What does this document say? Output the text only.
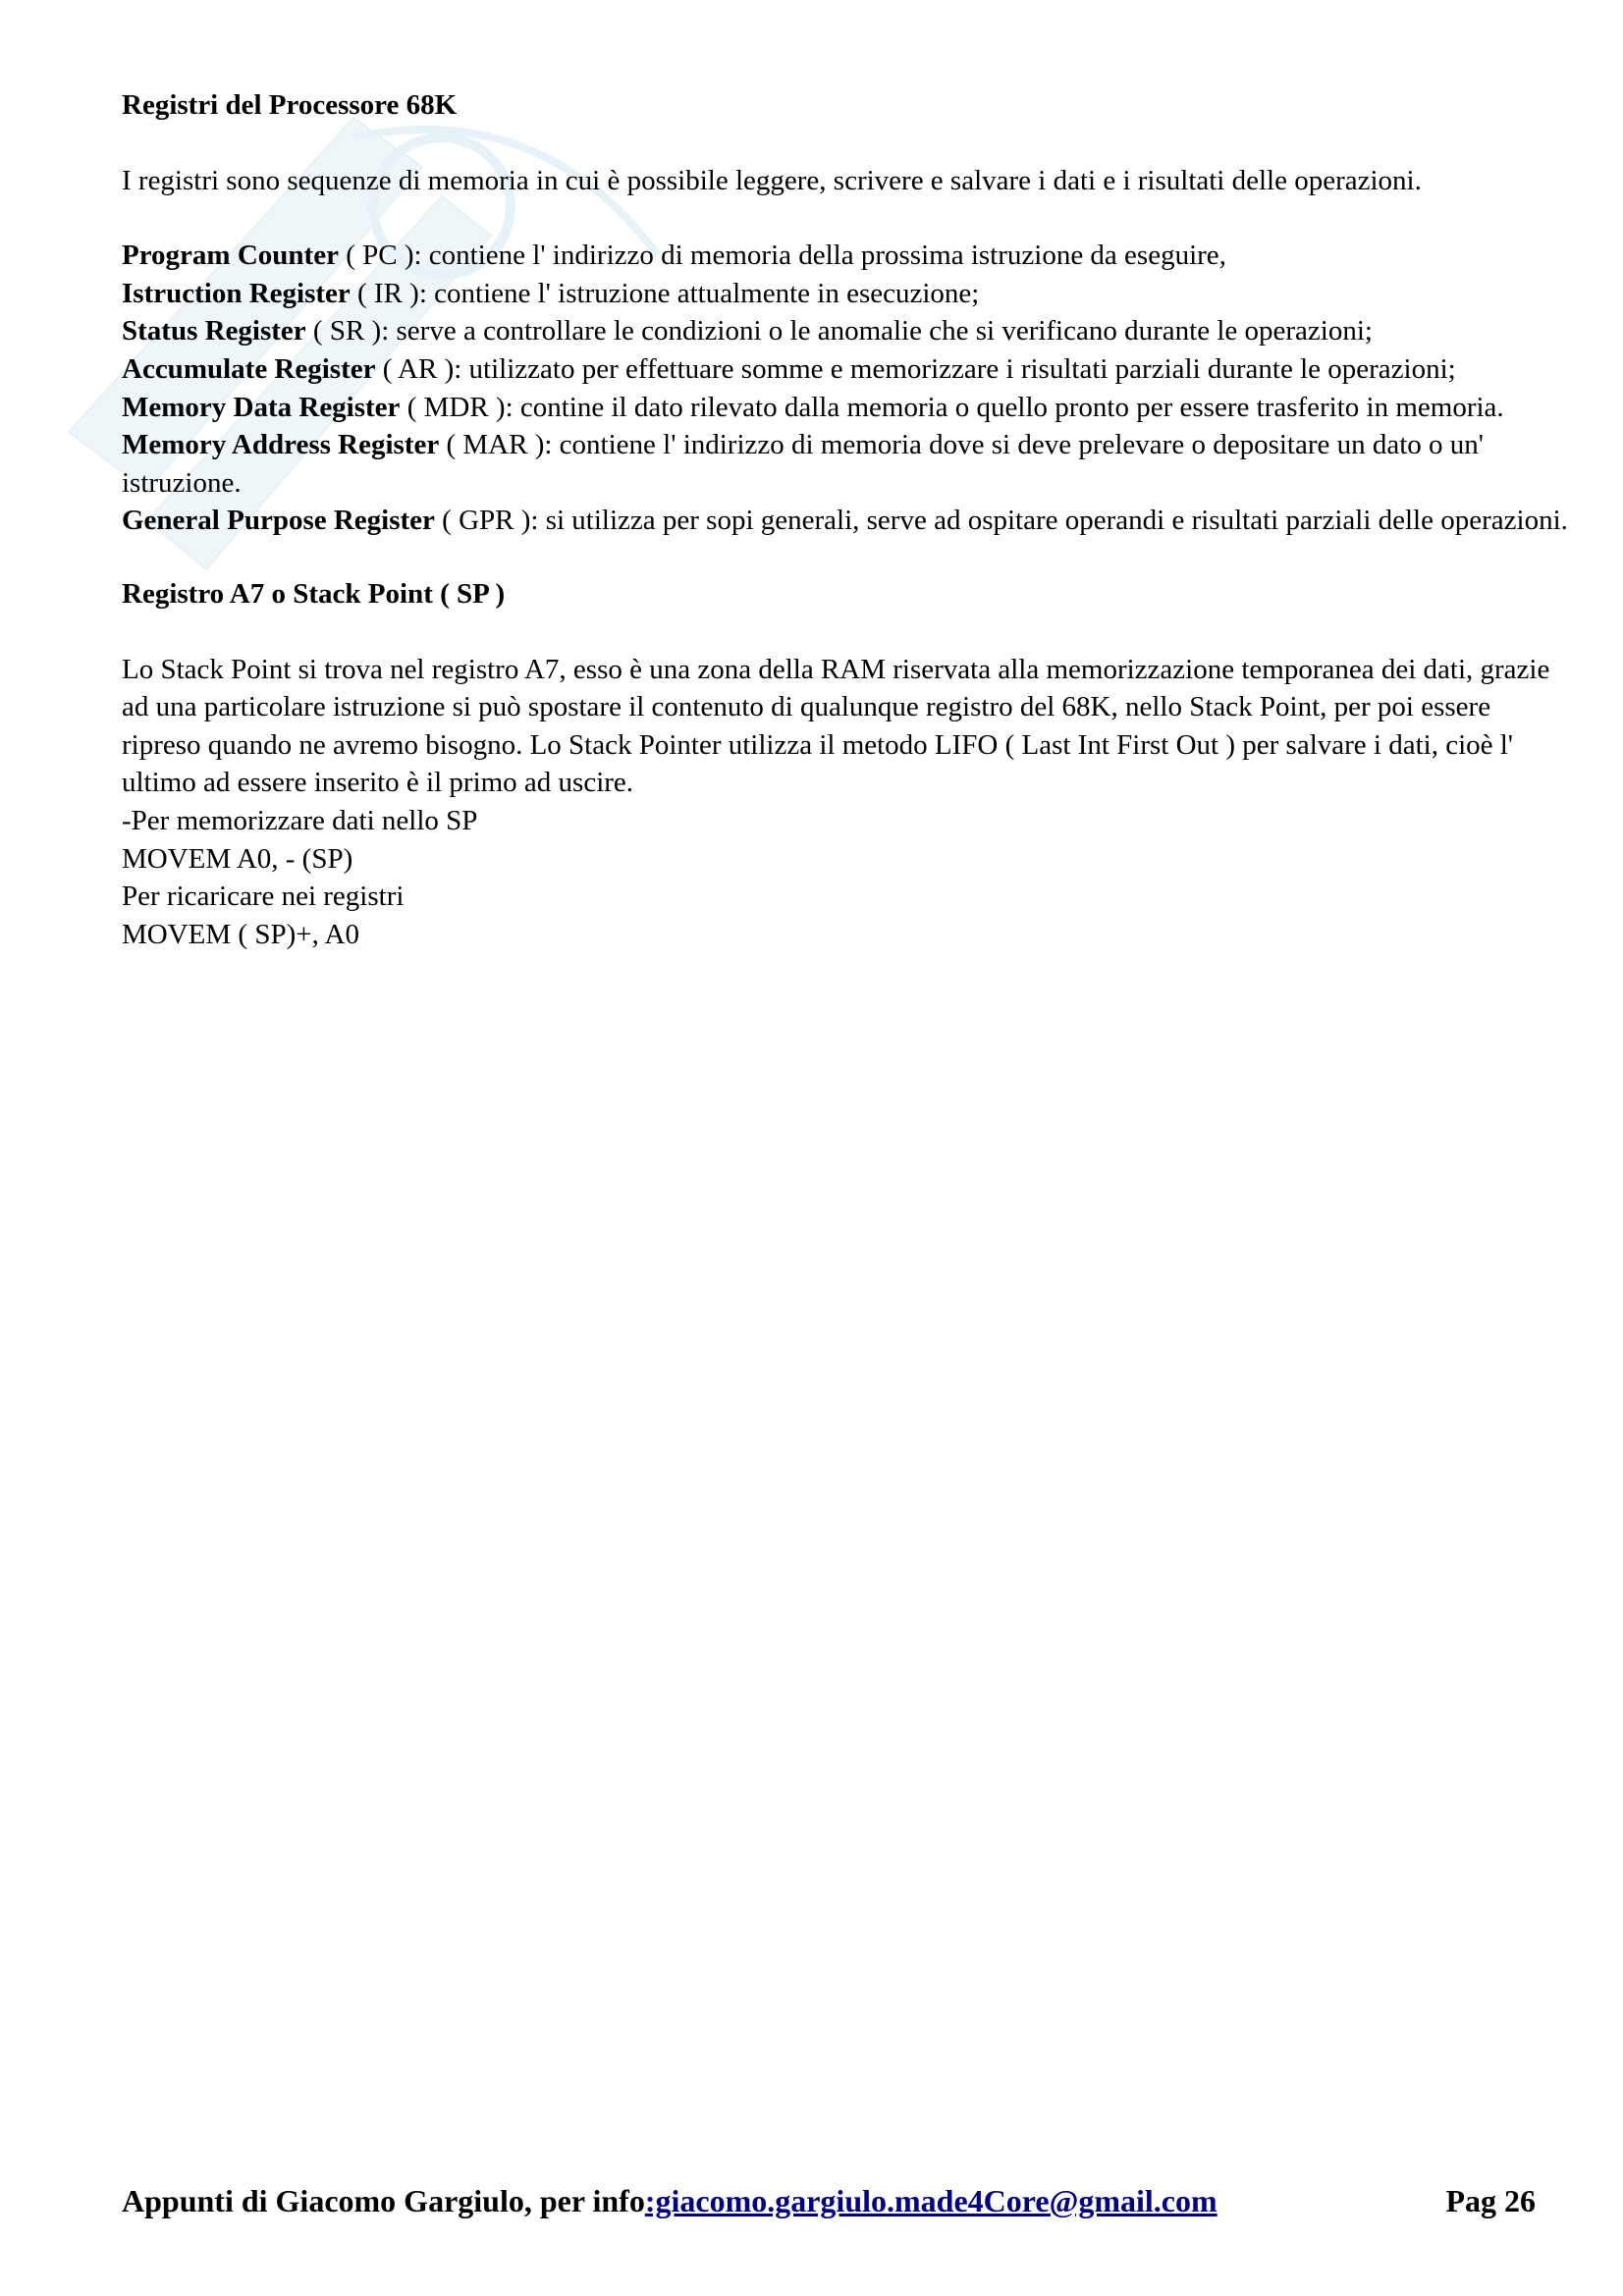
Registri del Processore 68K

I registri sono sequenze di memoria in cui è possibile leggere, scrivere e salvare i dati e i risultati delle operazioni.

Program Counter ( PC ): contiene l' indirizzo di memoria della prossima istruzione da eseguire,

Istruction Register ( IR ): contiene l' istruzione attualmente in esecuzione;

Status Register ( SR ): serve a controllare le condizioni o le anomalie che si verificano durante le operazioni;

Accumulate Register ( AR ): utilizzato per effettuare somme e memorizzare i risultati parziali durante le operazioni;

Memory Data Register ( MDR ): contine il dato rilevato dalla memoria o quello pronto per essere trasferito in memoria.

Memory Address Register ( MAR ): contiene l' indirizzo di memoria dove si deve prelevare o depositare un dato o un' istruzione.

General Purpose Register ( GPR ): si utilizza per sopi generali, serve ad ospitare operandi e risultati parziali delle operazioni.

Registro A7 o Stack Point ( SP )

Lo Stack Point si trova nel registro A7, esso è una zona della RAM riservata alla memorizzazione temporanea dei dati, grazie ad una particolare istruzione si può spostare il contenuto di qualunque registro del 68K, nello Stack Point, per poi essere ripreso quando ne avremo bisogno. Lo Stack Pointer utilizza il metodo LIFO ( Last Int First Out ) per salvare i dati, cioè l' ultimo ad essere inserito è il primo ad uscire.

-Per memorizzare dati nello SP

MOVEM A0, - (SP)

Per ricaricare nei registri

MOVEM ( SP)+, A0

Appunti di Giacomo Gargiulo, per info:giacomo.gargiulo.made4Core@gmail.com	Pag 26
